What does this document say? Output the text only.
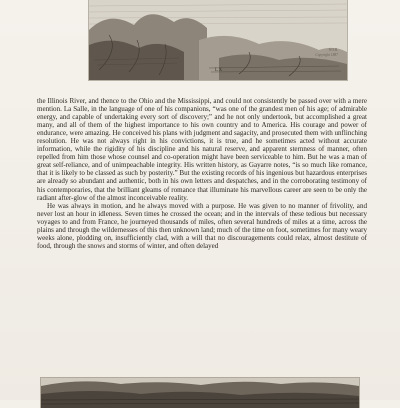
W.S.B.
Copyright 1887
LX

the Illinois River, and thence to the Ohio and the Mississippi, and could not consistently be passed over with a mere mention. La Salle, in the language of one of his companions, “was one of the grandest men of his age; of admirable energy, and capable of undertaking every sort of discovery;” and he not only undertook, but accomplished a great many, and all of them of the highest importance to his own country and to America. His courage and power of endurance, were amazing. He conceived his plans with judgment and sagacity, and prosecuted them with unflinching resolution. He was not always right in his convictions, it is true, and he sometimes acted without accurate information, while the rigidity of his discipline and his natural reserve, and apparent sternness of manner, often repelled from him those whose counsel and co-operation might have been serviceable to him. But he was a man of great self-reliance, and of unimpeachable integrity. His written history, as Gayarre notes, “is so much like romance, that it is likely to be classed as such by posterity.” But the existing records of his ingenious but hazardous enterprises are already so abundant and authentic, both in his own letters and despatches, and in the corroborating testimony of his contemporaries, that the brilliant gleams of romance that illuminate his marvellous career are seen to be only the radiant after-glow of the almost inconceivable reality.

He was always in motion, and he always moved with a purpose. He was given to no manner of frivolity, and never lost an hour in idleness. Seven times he crossed the ocean; and in the intervals of these tedious but necessary voyages to and from France, he journeyed thousands of miles, often several hundreds of miles at a time, across the plains and through the wildernesses of this then unknown land; much of the time on foot, sometimes for many weary weeks alone, plodding on, insufficiently clad, with a will that no discouragements could relax, almost destitute of food, through the snows and storms of winter, and often delayed
